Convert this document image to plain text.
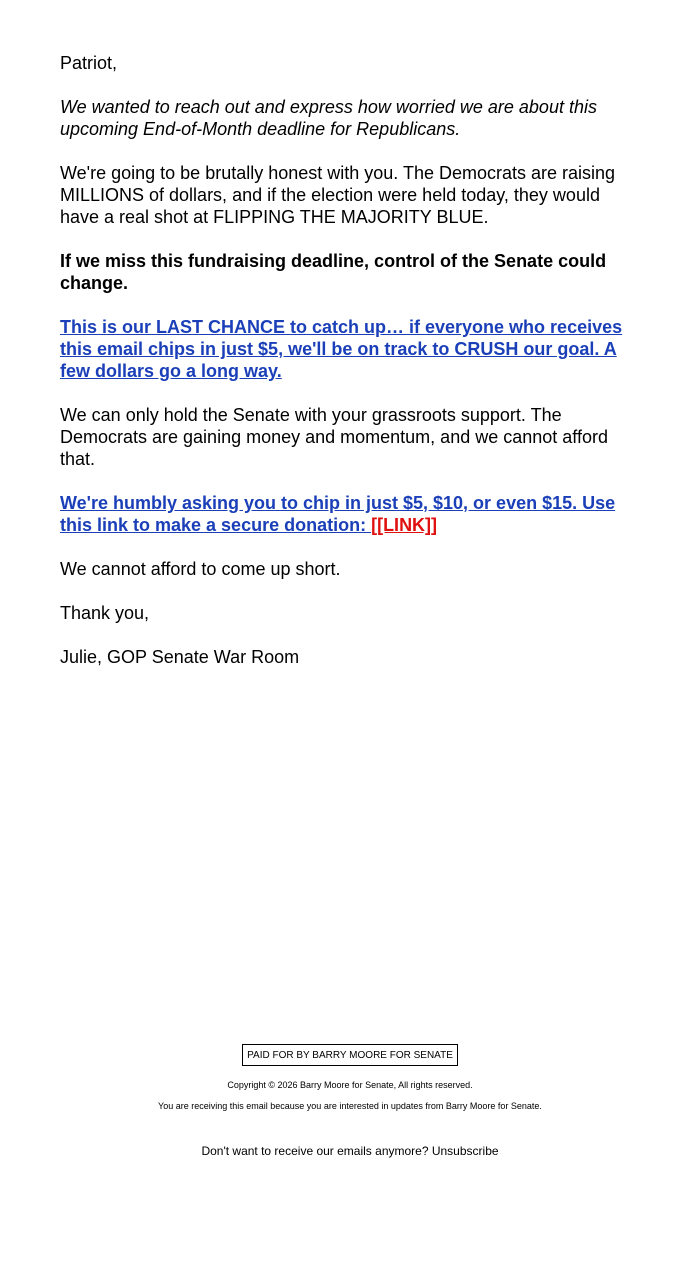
Patriot,

We wanted to reach out and express how worried we are about this upcoming End-of-Month deadline for Republicans.

We're going to be brutally honest with you. The Democrats are raising MILLIONS of dollars, and if the election were held today, they would have a real shot at FLIPPING THE MAJORITY BLUE.

If we miss this fundraising deadline, control of the Senate could change.

This is our LAST CHANCE to catch up… if everyone who receives this email chips in just $5, we'll be on track to CRUSH our goal. A few dollars go a long way.

We can only hold the Senate with your grassroots support. The Democrats are gaining money and momentum, and we cannot afford that.

We're humbly asking you to chip in just $5, $10, or even $15. Use this link to make a secure donation: [[LINK]]

We cannot afford to come up short.

Thank you,

Julie, GOP Senate War Room

PAID FOR BY BARRY MOORE FOR SENATE
Copyright © 2026 Barry Moore for Senate, All rights reserved.
You are receiving this email because you are interested in updates from Barry Moore for Senate.
Don't want to receive our emails anymore? Unsubscribe
